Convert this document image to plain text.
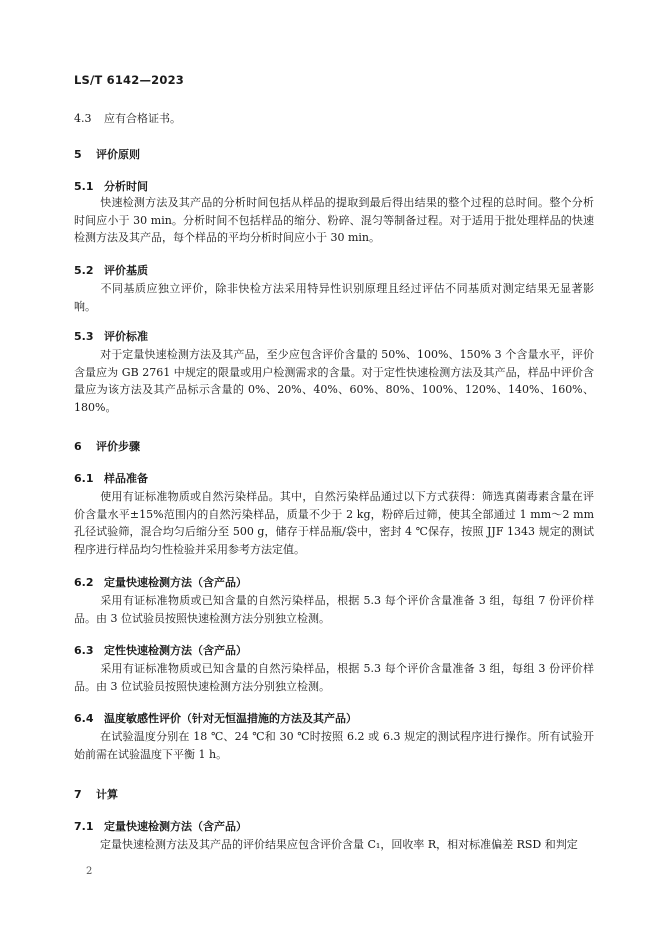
LS/T 6142—2023
4.3 应有合格证书。
5 评价原则
5.1 分析时间
快速检测方法及其产品的分析时间包括从样品的提取到最后得出结果的整个过程的总时间。整个分析时间应小于 30 min。分析时间不包括样品的缩分、粉碎、混匀等制备过程。对于适用于批处理样品的快速检测方法及其产品，每个样品的平均分析时间应小于 30 min。
5.2 评价基质
不同基质应独立评价，除非快检方法采用特异性识别原理且经过评估不同基质对测定结果无显著影响。
5.3 评价标准
对于定量快速检测方法及其产品，至少应包含评价含量的 50%、100%、150% 3 个含量水平，评价含量应为 GB 2761 中规定的限量或用户检测需求的含量。对于定性快速检测方法及其产品，样品中评价含量应为该方法及其产品标示含量的 0%、20%、40%、60%、80%、100%、120%、140%、160%、180%。
6 评价步骤
6.1 样品准备
使用有证标准物质或自然污染样品。其中，自然污染样品通过以下方式获得：筛选真菌毒素含量在评价含量水平±15%范围内的自然污染样品，质量不少于 2 kg，粉碎后过筛，使其全部通过 1 mm～2 mm 孔径试验筛，混合均匀后缩分至 500 g，储存于样品瓶/袋中，密封 4 ℃保存，按照 JJF 1343 规定的测试程序进行样品均匀性检验并采用参考方法定值。
6.2 定量快速检测方法（含产品）
采用有证标准物质或已知含量的自然污染样品，根据 5.3 每个评价含量准备 3 组，每组 7 份评价样品。由 3 位试验员按照快速检测方法分别独立检测。
6.3 定性快速检测方法（含产品）
采用有证标准物质或已知含量的自然污染样品，根据 5.3 每个评价含量准备 3 组，每组 3 份评价样品。由 3 位试验员按照快速检测方法分别独立检测。
6.4 温度敏感性评价（针对无恒温措施的方法及其产品）
在试验温度分别在 18 ℃、24 ℃和 30 ℃时按照 6.2 或 6.3 规定的测试程序进行操作。所有试验开始前需在试验温度下平衡 1 h。
7 计算
7.1 定量快速检测方法（含产品）
定量快速检测方法及其产品的评价结果应包含评价含量 C₁，回收率 R，相对标准偏差 RSD 和判定
2
